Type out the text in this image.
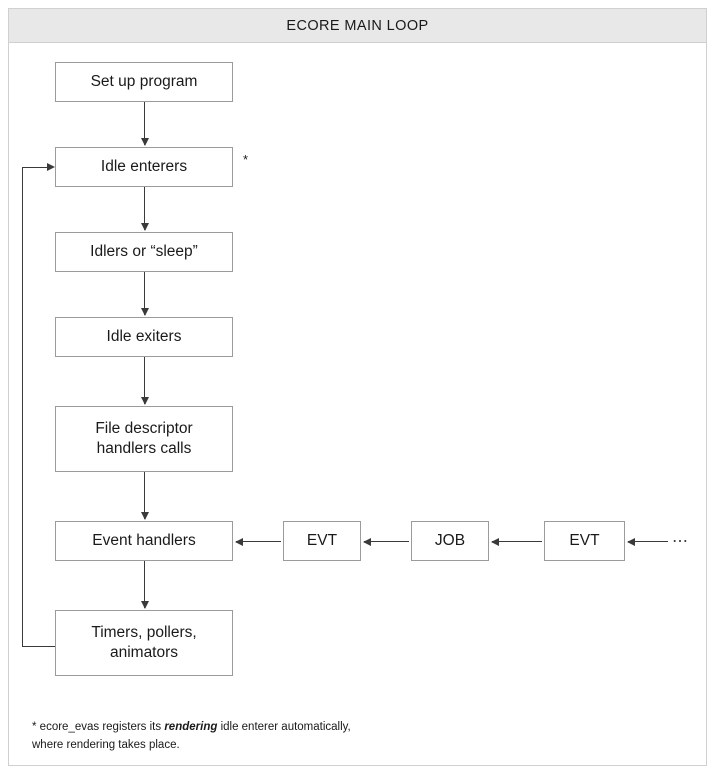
ECORE MAIN LOOP
Set up program
Idle enterers	*
Idlers or “sleep”
Idle exiters
File descriptor
handlers calls
Event handlers
Timers, pollers,
animators
EVT	JOB	EVT	⋯
* ecore_evas registers its rendering idle enterer automatically,
where rendering takes place.
